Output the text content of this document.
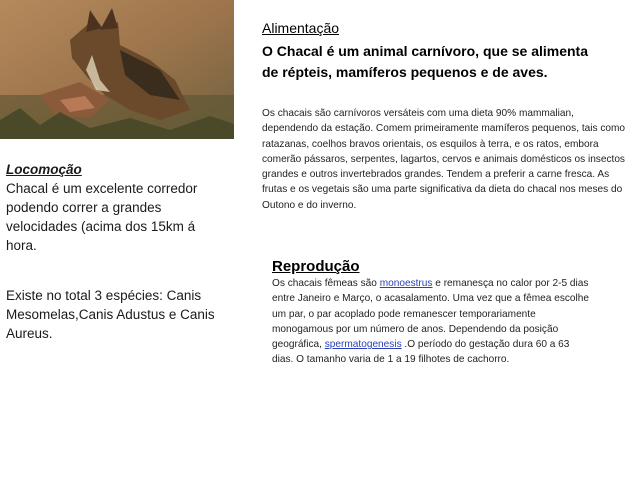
Locomoção
Chacal é um excelente corredor podendo correr a grandes velocidades (acima dos 15km á hora.
Existe no total 3 espécies: Canis Mesomelas,Canis Adustus e Canis Aureus.
Alimentação
O Chacal é um animal carnívoro, que se alimenta de répteis, mamíferos pequenos e de aves.
Os chacais são carnívoros versáteis com uma dieta 90% mammalian, dependendo da estação. Comem primeiramente mamíferos pequenos, tais como ratazanas, coelhos bravos orientais, os esquilos à terra, e os ratos, embora comerão pássaros, serpentes, lagartos, cervos e animais domésticos os insectos grandes e outros invertebrados grandes. Tendem a preferir a carne fresca. As frutas e os vegetais são uma parte significativa da dieta do chacal nos meses do Outono e do inverno.
Reprodução
Os chacais fêmeas são monoestrus e remanesça no calor por 2-5 dias entre Janeiro e Março, o acasalamento. Uma vez que a fêmea escolhe um par, o par acoplado pode remanescer temporariamente monogamous por um número de anos. Dependendo da posição geográfica, spermatogenesis .O período do gestação dura 60 a 63 dias. O tamanho varia de 1 a 19 filhotes de cachorro.
